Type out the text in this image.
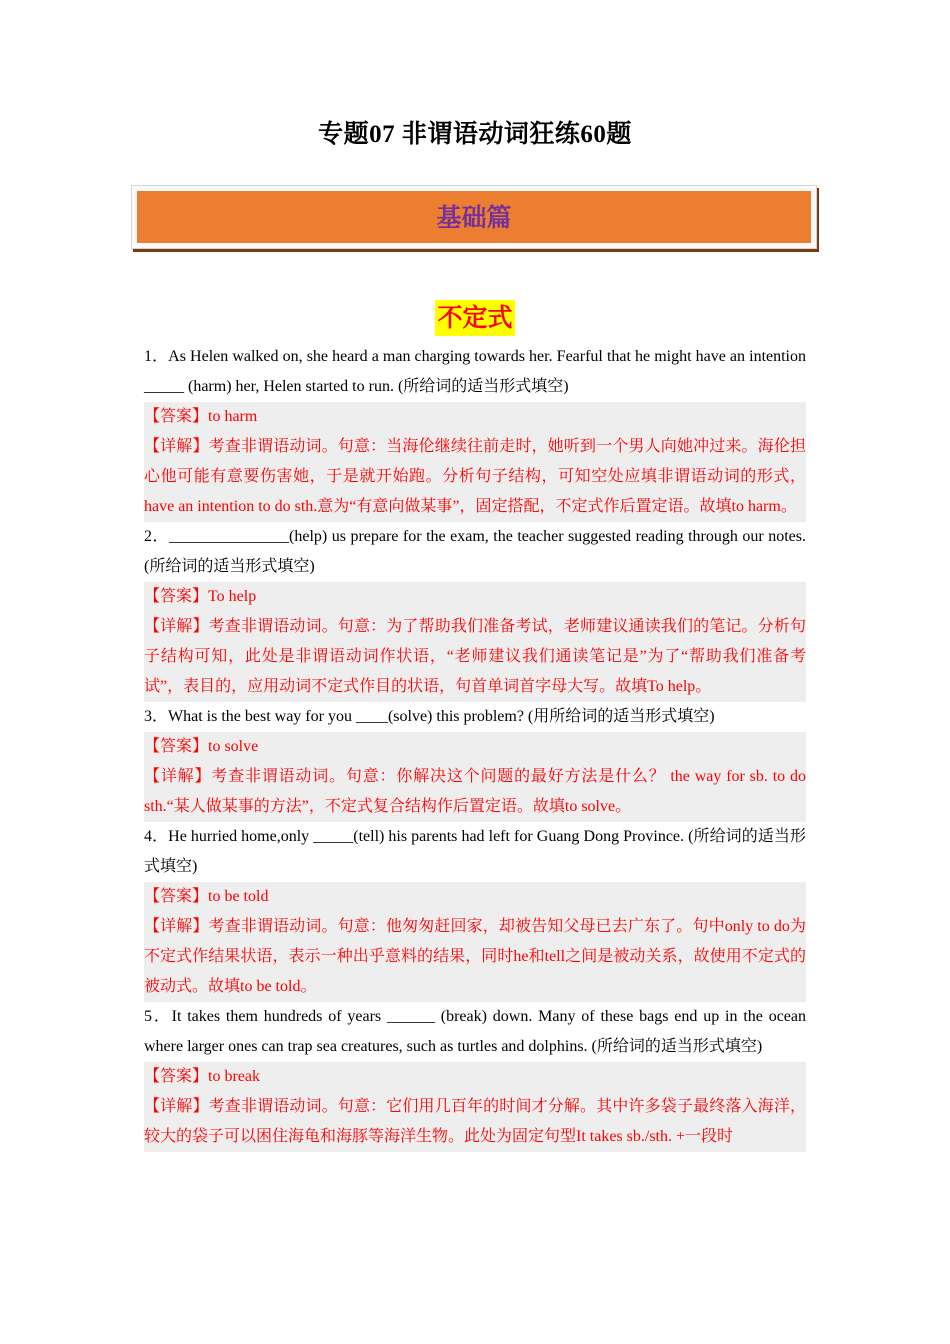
专题07 非谓语动词狂练60题
基础篇
不定式

1．As Helen walked on, she heard a man charging towards her. Fearful that he might have an intention _____ (harm) her, Helen started to run. (所给词的适当形式填空)

【答案】to harm

【详解】考查非谓语动词。句意：当海伦继续往前走时，她听到一个男人向她冲过来。海伦担心他可能有意要伤害她，于是就开始跑。分析句子结构，可知空处应填非谓语动词的形式，have an intention to do sth.意为“有意向做某事”，固定搭配，不定式作后置定语。故填to harm。

2．_______________(help) us prepare for the exam, the teacher suggested reading through our notes. (所给词的适当形式填空)

【答案】To help

【详解】考查非谓语动词。句意：为了帮助我们准备考试，老师建议通读我们的笔记。分析句子结构可知，此处是非谓语动词作状语，“老师建议我们通读笔记是”为了“帮助我们准备考试”，表目的，应用动词不定式作目的状语，句首单词首字母大写。故填To help。

3．What is the best way for you ____(solve) this problem? (用所给词的适当形式填空)

【答案】to solve

【详解】考查非谓语动词。句意：你解决这个问题的最好方法是什么？ the way for sb. to do sth.“某人做某事的方法”，不定式复合结构作后置定语。故填to solve。

4．He hurried home,only _____(tell) his parents had left for Guang Dong Province. (所给词的适当形式填空)

【答案】to be told

【详解】考查非谓语动词。句意：他匆匆赶回家，却被告知父母已去广东了。句中only to do为不定式作结果状语，表示一种出乎意料的结果，同时he和tell之间是被动关系，故使用不定式的被动式。故填to be told。

5．It takes them hundreds of years ______ (break) down. Many of these bags end up in the ocean where larger ones can trap sea creatures, such as turtles and dolphins. (所给词的适当形式填空)

【答案】to break

【详解】考查非谓语动词。句意：它们用几百年的时间才分解。其中许多袋子最终落入海洋，较大的袋子可以困住海龟和海豚等海洋生物。此处为固定句型It takes sb./sth. +一段时
